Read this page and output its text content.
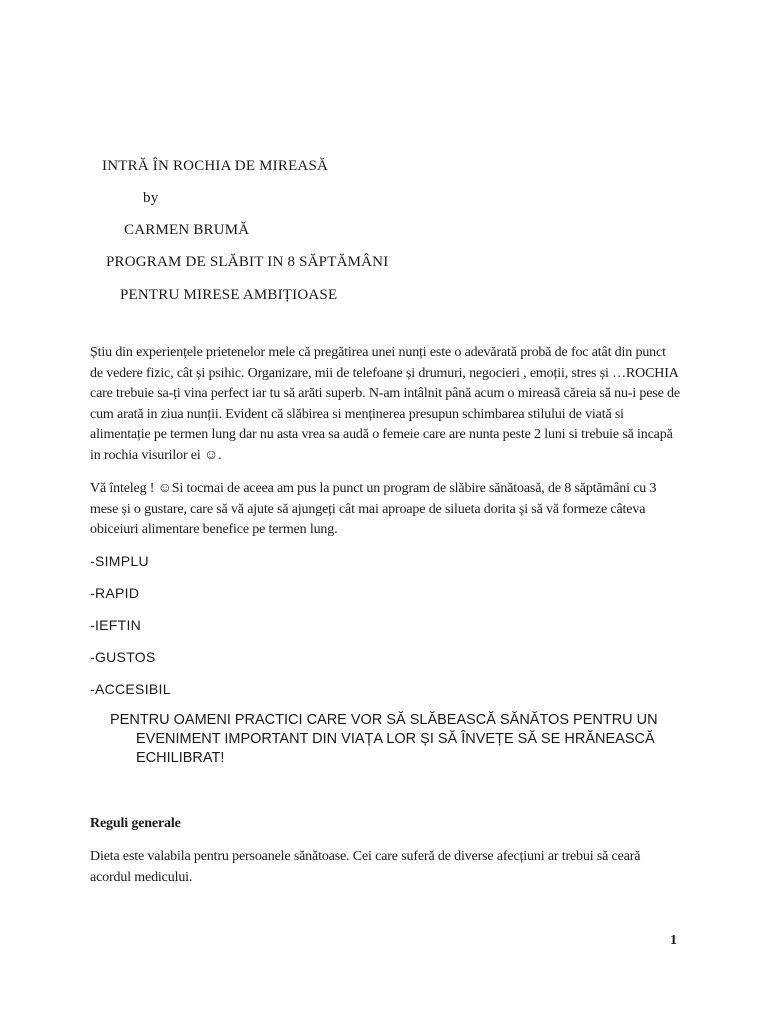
INTRĂ ÎN ROCHIA DE MIREASĂ
by
CARMEN BRUMĂ
PROGRAM DE SLĂBIT IN 8 SĂPTĂMÂNI
PENTRU MIRESE AMBIȚIOASE
Știu din experiențele prietenelor mele că pregătirea unei nunți este o adevărată probă de foc atât din punct de vedere fizic, cât și psihic. Organizare, mii de telefoane și drumuri, negocieri , emoții, stres și …ROCHIA care trebuie sa-ți vina perfect iar tu să arăti superb. N-am intâlnit până acum o mireasă căreia să nu-i pese de cum arată in ziua nunții. Evident că slăbirea si menținerea presupun schimbarea stilului de viată si alimentație pe termen lung dar nu asta vrea sa audă o femeie care are nunta peste 2 luni si trebuie să incapă in rochia visurilor ei ☺.
Vă înteleg ! ☺Si tocmai de aceea am pus la punct un program de slăbire sănătoasă, de 8 săptămâni cu 3 mese și o gustare, care să vă ajute să ajungeți cât mai aproape de silueta dorita și să vă formeze câteva obiceiuri alimentare benefice pe termen lung.
-SIMPLU
-RAPID
-IEFTIN
-GUSTOS
-ACCESIBIL
PENTRU OAMENI PRACTICI CARE VOR SĂ SLĂBEASCĂ SĂNĂTOS PENTRU UN EVENIMENT IMPORTANT DIN VIAȚA LOR ȘI SĂ ÎNVEȚE SĂ SE HRĂNEASCĂ ECHILIBRAT!
Reguli generale
Dieta este valabila pentru persoanele sănătoase. Cei care suferă de diverse afecțiuni ar trebui să ceară acordul medicului.
1
